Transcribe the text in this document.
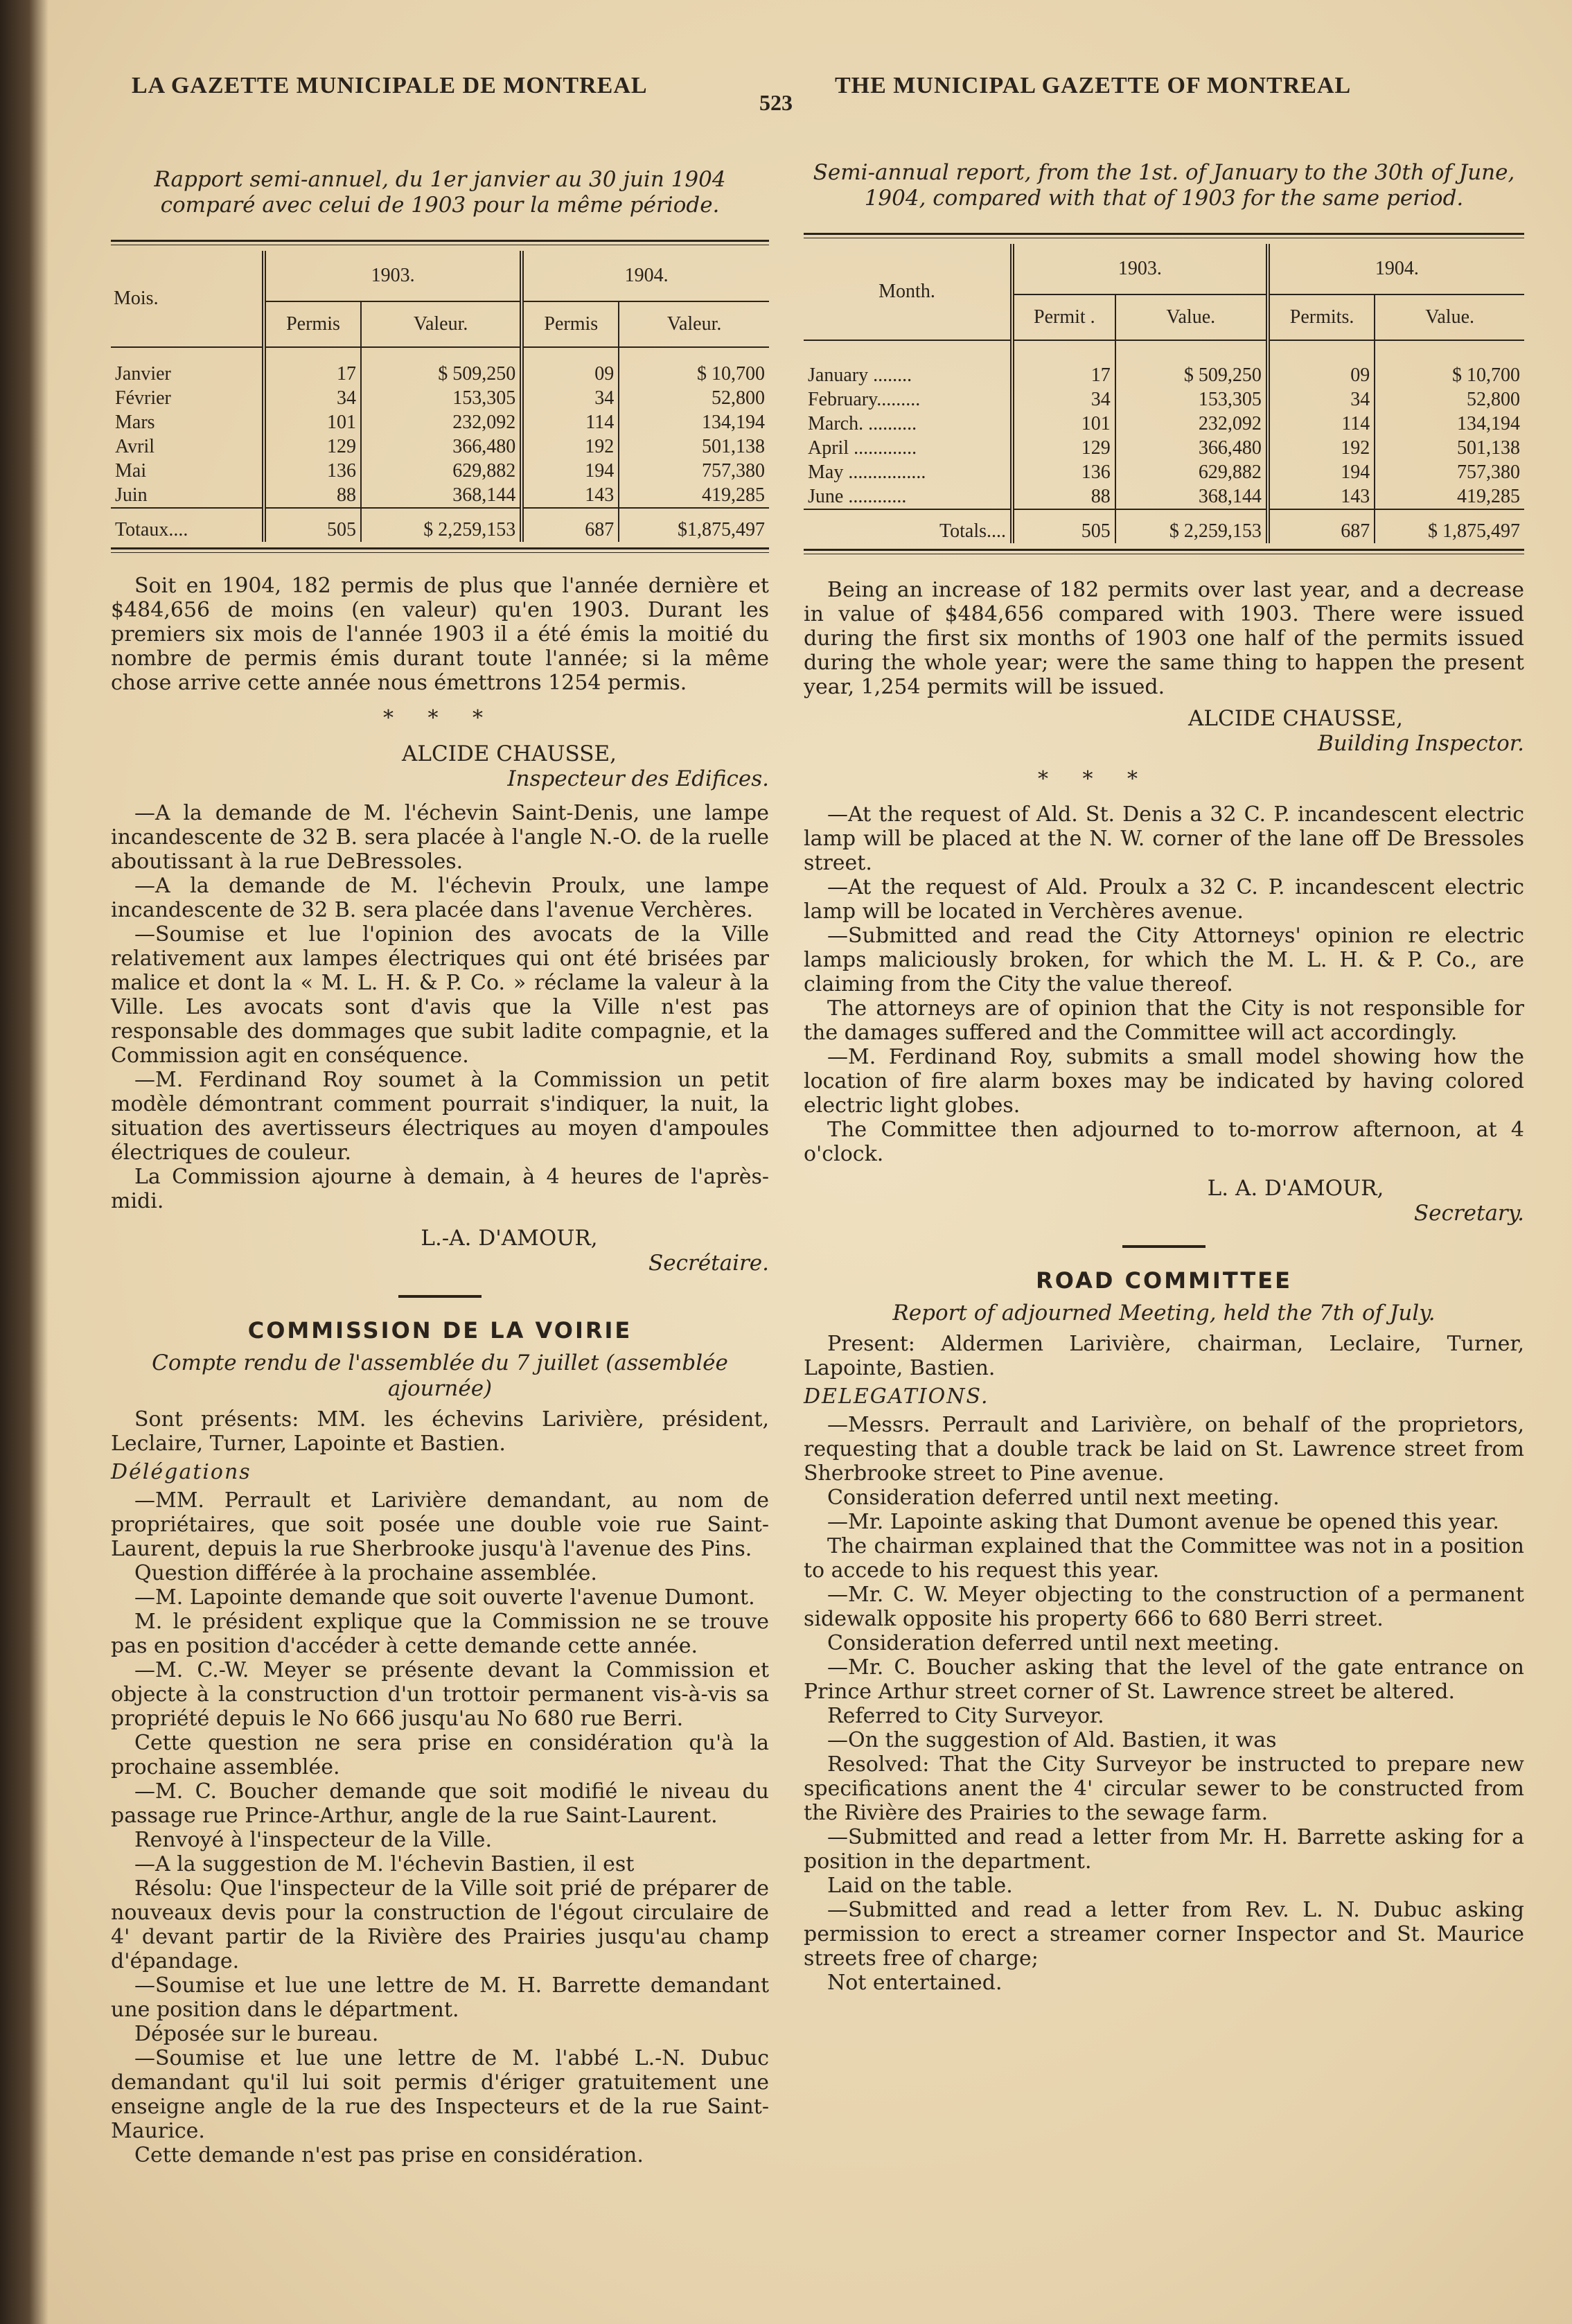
LA GAZETTE MUNICIPALE DE MONTREAL
523
THE MUNICIPAL GAZETTE OF MONTREAL

Rapport semi-annuel, du 1er janvier au 30 juin 1904 comparé avec celui de 1903 pour la même période.

Mois.	1903.		1904.	
	Permis	Valeur.	Permis	Valeur.

Janvier	17	$ 509,250	09	$ 10,700
Février	34	153,305	34	52,800
Mars	101	232,092	114	134,194
Avril	129	366,480	192	501,138
Mai	136	629,882	194	757,380
Juin	88	368,144	143	419,285
Totaux....	505	$ 2,259,153	687	$1,875,497

Soit en 1904, 182 permis de plus que l'année dernière et $484,656 de moins (en valeur) qu'en 1903. Durant les premiers six mois de l'année 1903 il a été émis la moitié du nombre de permis émis durant toute l'année; si la même chose arrive cette année nous émettrons 1254 permis.

* * *

ALCIDE CHAUSSE,

Inspecteur des Edifices.

—A la demande de M. l'échevin Saint-Denis, une lampe incandescente de 32 B. sera placée à l'angle N.-O. de la ruelle aboutissant à la rue DeBressoles.

—A la demande de M. l'échevin Proulx, une lampe incandescente de 32 B. sera placée dans l'avenue Verchères.

—Soumise et lue l'opinion des avocats de la Ville relativement aux lampes électriques qui ont été brisées par malice et dont la « M. L. H. & P. Co. » réclame la valeur à la Ville. Les avocats sont d'avis que la Ville n'est pas responsable des dommages que subit ladite compagnie, et la Commission agit en conséquence.

—M. Ferdinand Roy soumet à la Commission un petit modèle démontrant comment pourrait s'indiquer, la nuit, la situation des avertisseurs électriques au moyen d'ampoules électriques de couleur.

La Commission ajourne à demain, à 4 heures de l'après-midi.

L.-A. D'AMOUR,

Secrétaire.

COMMISSION DE LA VOIRIE

Compte rendu de l'assemblée du 7 juillet (assemblée ajournée)

Sont présents: MM. les échevins Larivière, président, Leclaire, Turner, Lapointe et Bastien.

Délégations

—MM. Perrault et Larivière demandant, au nom de propriétaires, que soit posée une double voie rue Saint-Laurent, depuis la rue Sherbrooke jusqu'à l'avenue des Pins.

Question différée à la prochaine assemblée.

—M. Lapointe demande que soit ouverte l'avenue Dumont.

M. le président explique que la Commission ne se trouve pas en position d'accéder à cette demande cette année.

—M. C.-W. Meyer se présente devant la Commission et objecte à la construction d'un trottoir permanent vis-à-vis sa propriété depuis le No 666 jusqu'au No 680 rue Berri.

Cette question ne sera prise en considération qu'à la prochaine assemblée.

—M. C. Boucher demande que soit modifié le niveau du passage rue Prince-Arthur, angle de la rue Saint-Laurent.

Renvoyé à l'inspecteur de la Ville.

—A la suggestion de M. l'échevin Bastien, il est

Résolu: Que l'inspecteur de la Ville soit prié de préparer de nouveaux devis pour la construction de l'égout circulaire de 4' devant partir de la Rivière des Prairies jusqu'au champ d'épandage.

—Soumise et lue une lettre de M. H. Barrette demandant une position dans le départment.

Déposée sur le bureau.

—Soumise et lue une lettre de M. l'abbé L.-N. Dubuc demandant qu'il lui soit permis d'ériger gratuitement une enseigne angle de la rue des Inspecteurs et de la rue Saint-Maurice.

Cette demande n'est pas prise en considération.

Semi-annual report, from the 1st. of January to the 30th of June, 1904, compared with that of 1903 for the same period.

Month.	1903.		1904.	
	Permit .	Value.	Permits.	Value.

January ........	17	$ 509,250	09	$ 10,700
February.........	34	153,305	34	52,800
March. ..........	101	232,092	114	134,194
April .............	129	366,480	192	501,138
May ................	136	629,882	194	757,380
June ............	88	368,144	143	419,285
Totals....	505	$ 2,259,153	687	$ 1,875,497

Being an increase of 182 permits over last year, and a decrease in value of $484,656 compared with 1903. There were issued during the first six months of 1903 one half of the permits issued during the whole year; were the same thing to happen the present year, 1,254 permits will be issued.

ALCIDE CHAUSSE,

Building Inspector.

* * *

—At the request of Ald. St. Denis a 32 C. P. incandescent electric lamp will be placed at the N. W. corner of the lane off De Bressoles street.

—At the request of Ald. Proulx a 32 C. P. incandescent electric lamp will be located in Verchères avenue.

—Submitted and read the City Attorneys' opinion re electric lamps maliciously broken, for which the M. L. H. & P. Co., are claiming from the City the value thereof.

The attorneys are of opinion that the City is not responsible for the damages suffered and the Committee will act accordingly.

—M. Ferdinand Roy, submits a small model showing how the location of fire alarm boxes may be indicated by having colored electric light globes.

The Committee then adjourned to to-morrow afternoon, at 4 o'clock.

L. A. D'AMOUR,

Secretary.

ROAD COMMITTEE

Report of adjourned Meeting, held the 7th of July.

Present: Aldermen Larivière, chairman, Leclaire, Turner, Lapointe, Bastien.

DELEGATIONS.

—Messrs. Perrault and Larivière, on behalf of the proprietors, requesting that a double track be laid on St. Lawrence street from Sherbrooke street to Pine avenue.

Consideration deferred until next meeting.

—Mr. Lapointe asking that Dumont avenue be opened this year.

The chairman explained that the Committee was not in a position to accede to his request this year.

—Mr. C. W. Meyer objecting to the construction of a permanent sidewalk opposite his property 666 to 680 Berri street.

Consideration deferred until next meeting.

—Mr. C. Boucher asking that the level of the gate entrance on Prince Arthur street corner of St. Lawrence street be altered.

Referred to City Surveyor.

—On the suggestion of Ald. Bastien, it was

Resolved: That the City Surveyor be instructed to prepare new specifications anent the 4' circular sewer to be constructed from the Rivière des Prairies to the sewage farm.

—Submitted and read a letter from Mr. H. Barrette asking for a position in the department.

Laid on the table.

—Submitted and read a letter from Rev. L. N. Dubuc asking permission to erect a streamer corner Inspector and St. Maurice streets free of charge;

Not entertained.
